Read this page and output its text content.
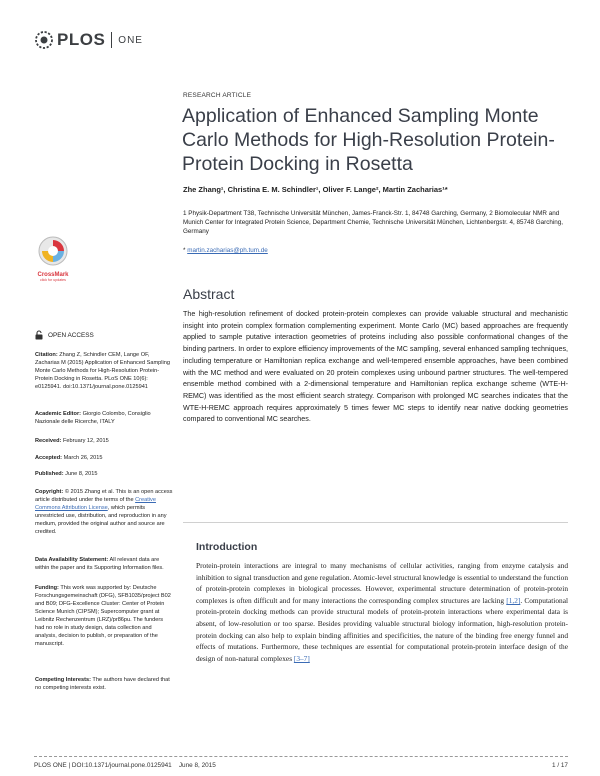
PLOS ONE
RESEARCH ARTICLE
Application of Enhanced Sampling Monte Carlo Methods for High-Resolution Protein-Protein Docking in Rosetta
Zhe Zhang¹, Christina E. M. Schindler¹, Oliver F. Lange², Martin Zacharias¹*
1 Physik-Department T38, Technische Universität München, James-Franck-Str. 1, 84748 Garching, Germany, 2 Biomolecular NMR and Munich Center for Integrated Protein Science, Department Chemie, Technische Universität München, Lichtenbergstr. 4, 85748 Garching, Germany
* martin.zacharias@ph.tum.de
CrossMark
click for updates
Abstract
The high-resolution refinement of docked protein-protein complexes can provide valuable structural and mechanistic insight into protein complex formation complementing experiment. Monte Carlo (MC) based approaches are frequently applied to sample putative interaction geometries of proteins including also possible conformational changes of the binding partners. In order to explore efficiency improvements of the MC sampling, several enhanced sampling techniques, including temperature or Hamiltonian replica exchange and well-tempered ensemble approaches, have been combined with the MC method and were evaluated on 20 protein complexes using unbound partner structures. The well-tempered ensemble method combined with a 2-dimensional temperature and Hamiltonian replica exchange scheme (WTE-H-REMC) was identified as the most efficient search strategy. Comparison with prolonged MC searches indicates that the WTE-H-REMC approach requires approximately 5 times fewer MC steps to identify near native docking geometries compared to conventional MC searches.
Introduction
Protein-protein interactions are integral to many mechanisms of cellular activities, ranging from enzyme catalysis and inhibition to signal transduction and gene regulation. Atomic-level structural knowledge is essential to understand the function of protein-protein complexes in biological processes. However, experimental structure determination of protein-protein complexes is often difficult and for many interactions the corresponding complex structures are lacking [1,2]. Computational protein-protein docking methods can provide structural models of protein-protein interactions where experimental data is absent, of low-resolution or too sparse. Besides providing valuable structural biology information, high-resolution protein-protein docking can also help to explain binding affinities and specificities, the nature of the binding free energy funnel and effects of mutations. Furthermore, these techniques are essential for computational protein-protein interface design of the design of non-natural complexes [3–7]
OPEN ACCESS
Citation: Zhang Z, Schindler CEM, Lange OF, Zacharias M (2015) Application of Enhanced Sampling Monte Carlo Methods for High-Resolution Protein-Protein Docking in Rosetta. PLoS ONE 10(6): e0125941. doi:10.1371/journal.pone.0125941
Academic Editor: Giorgio Colombo, Consiglio Nazionale delle Ricerche, ITALY
Received: February 12, 2015
Accepted: March 26, 2015
Published: June 8, 2015
Copyright: © 2015 Zhang et al. This is an open access article distributed under the terms of the Creative Commons Attribution License, which permits unrestricted use, distribution, and reproduction in any medium, provided the original author and source are credited.
Data Availability Statement: All relevant data are within the paper and its Supporting Information files.
Funding: This work was supported by: Deutsche Forschungsgemeinschaft (DFG), SFB1035/project B02 and B09; DFG-Excellence Cluster: Center of Protein Science Munich (CIPSM); Supercomputer grant at Leibnitz Rechenzentrum (LRZ)/pr86pu. The funders had no role in study design, data collection and analysis, decision to publish, or preparation of the manuscript.
Competing Interests: The authors have declared that no competing interests exist.
PLOS ONE | DOI:10.1371/journal.pone.0125941    June 8, 2015	1 / 17
